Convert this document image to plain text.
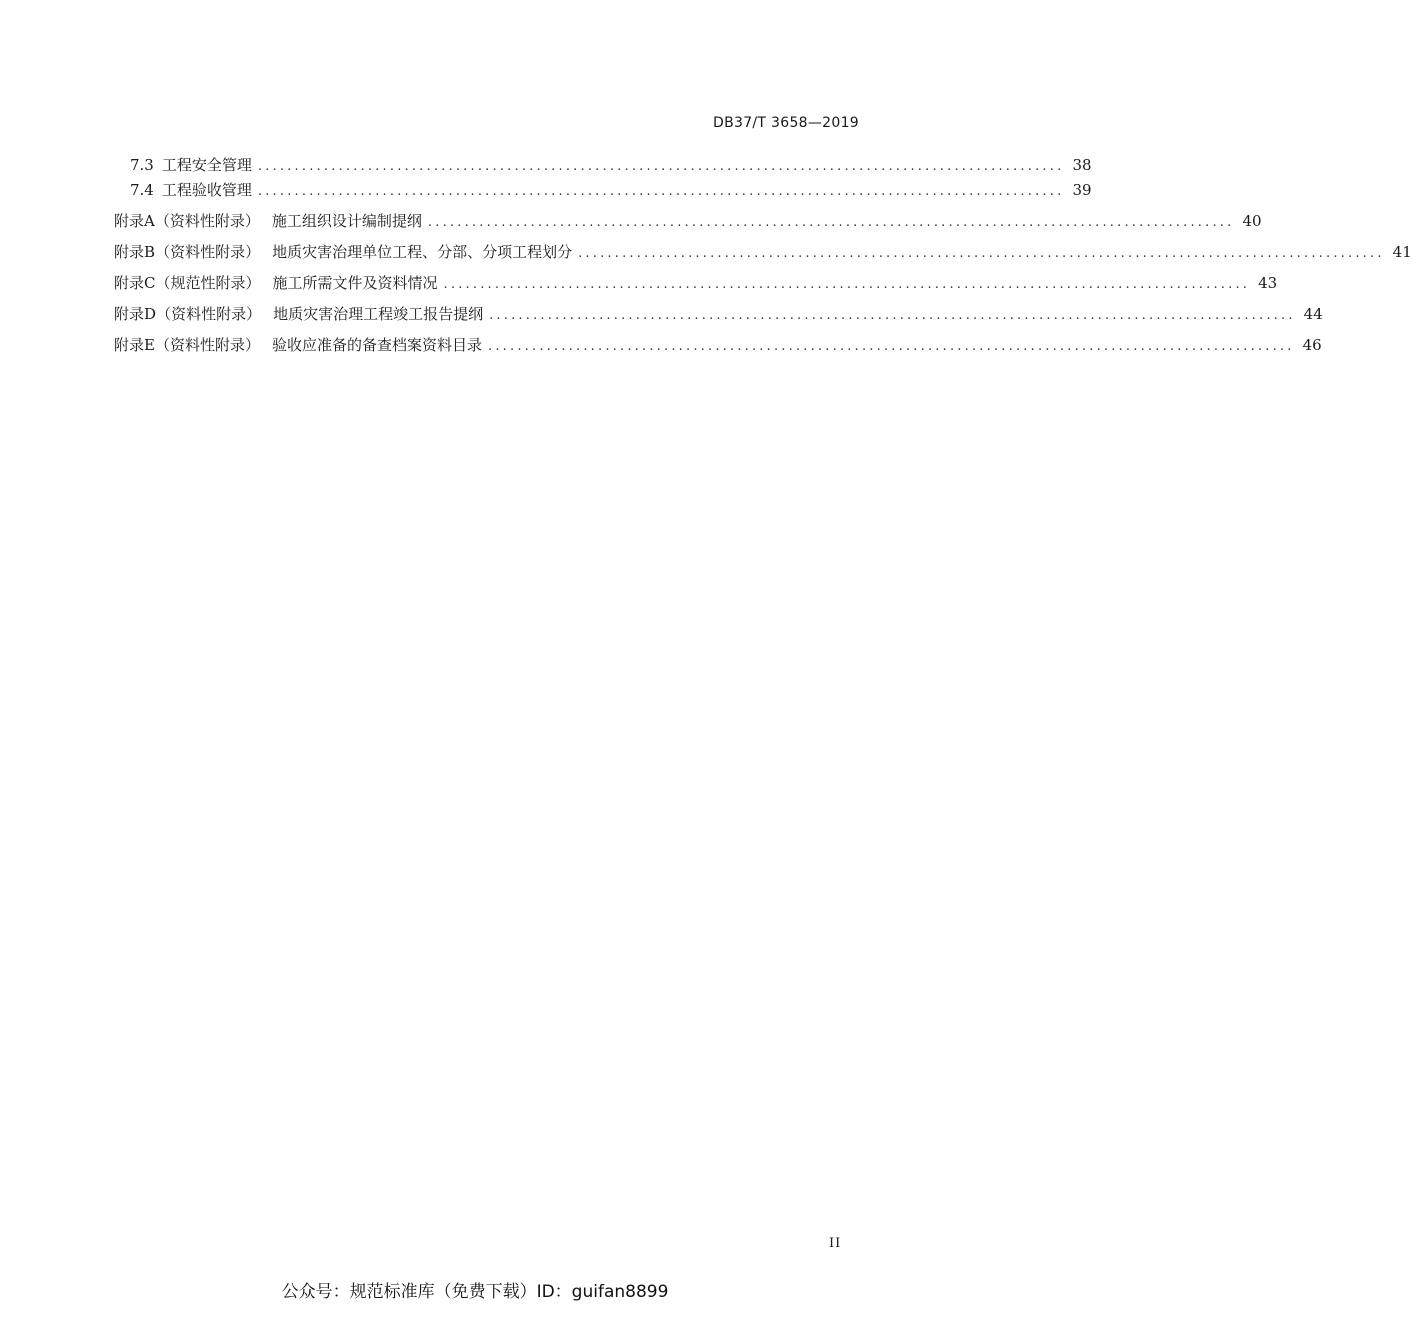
DB37/T 3658—2019
7.3 工程安全管理 .............................................................................................................. 38
7.4 工程验收管理 .............................................................................................................. 39
附 录 A （资料性附录） 施工组织设计编制提纲 .............................................................................................................. 40
附 录 B （资料性附录） 地质灾害治理单位工程、分部、分项工程划分 .............................................................................................................. 41
附 录 C （规范性附录） 施工所需文件及资料情况 .............................................................................................................. 43
附 录 D （资料性附录） 地质灾害治理工程竣工报告提纲 .............................................................................................................. 44
附 录 E （资料性附录） 验收应准备的备查档案资料目录 .............................................................................................................. 46
II
公众号：规范标准库（免费下载）ID：guifan8899
